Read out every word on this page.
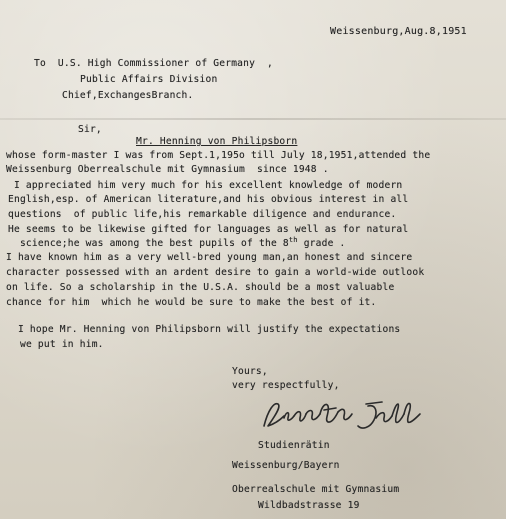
Weissenburg,Aug.8,1951
To  U.S. High Commissioner of Germany  ,
Public Affairs Division
Chief,ExchangesBranch.
Sir,
Mr. Henning von Philipsborn
whose form-master I was from Sept.1,195o till July 18,1951,attended the
Weissenburg Oberrealschule mit Gymnasium  since 1948 .
I appreciated him very much for his excellent knowledge of modern
English,esp. of American literature,and his obvious interest in all
questions  of public life,his remarkable diligence and endurance.
He seems to be likewise gifted for languages as well as for natural
science;he was among the best pupils of the 8th grade .
I have known him as a very well-bred young man,an honest and sincere
character possessed with an ardent desire to gain a world-wide outlook
on life. So a scholarship in the U.S.A. should be a most valuable
chance for him  which he would be sure to make the best of it.
I hope Mr. Henning von Philipsborn will justify the expectations
we put in him.
Yours,
very respectfully,
Studienrätin
Weissenburg/Bayern
Oberrealschule mit Gymnasium
Wildbadstrasse 19
